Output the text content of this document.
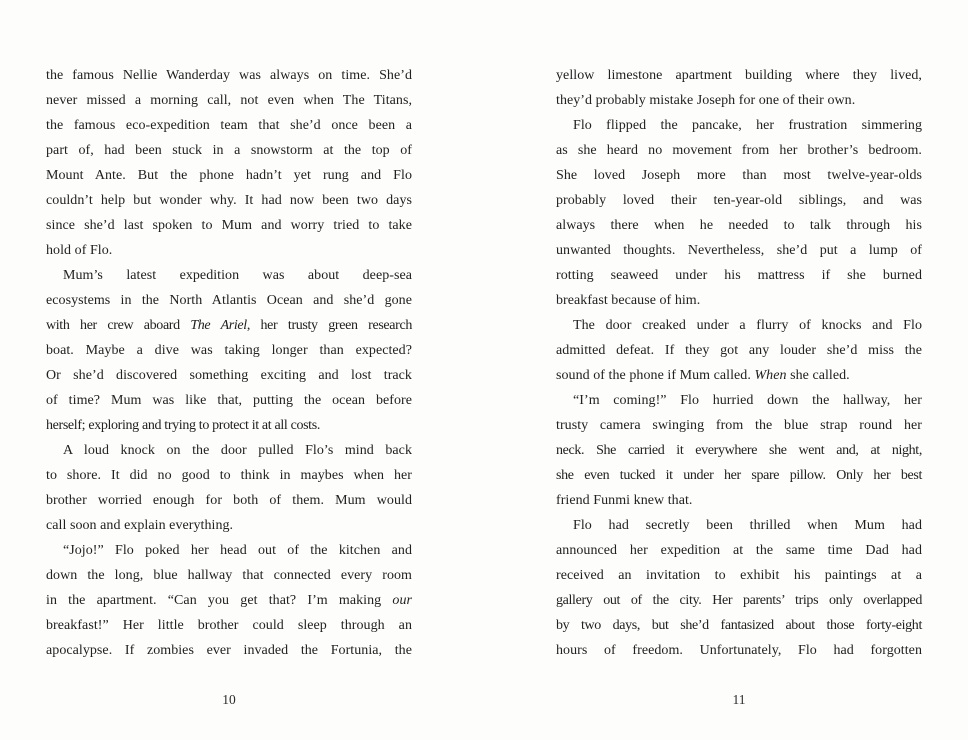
the famous Nellie Wanderday was always on time. She’d
never missed a morning call, not even when The Titans,
the famous eco-expedition team that she’d once been a
part of, had been stuck in a snowstorm at the top of
Mount Ante. But the phone hadn’t yet rung and Flo
couldn’t help but wonder why. It had now been two days
since she’d last spoken to Mum and worry tried to take
hold of Flo.
Mum’s latest expedition was about deep-sea
ecosystems in the North Atlantis Ocean and she’d gone
with her crew aboard The Ariel, her trusty green research
boat. Maybe a dive was taking longer than expected?
Or she’d discovered something exciting and lost track
of time? Mum was like that, putting the ocean before
herself; exploring and trying to protect it at all costs.
A loud knock on the door pulled Flo’s mind back
to shore. It did no good to think in maybes when her
brother worried enough for both of them. Mum would
call soon and explain everything.
“Jojo!” Flo poked her head out of the kitchen and
down the long, blue hallway that connected every room
in the apartment. “Can you get that? I’m making our
breakfast!” Her little brother could sleep through an
apocalypse. If zombies ever invaded the Fortunia, the
10
yellow limestone apartment building where they lived,
they’d probably mistake Joseph for one of their own.
Flo flipped the pancake, her frustration simmering
as she heard no movement from her brother’s bedroom.
She loved Joseph more than most twelve-year-olds
probably loved their ten-year-old siblings, and was
always there when he needed to talk through his
unwanted thoughts. Nevertheless, she’d put a lump of
rotting seaweed under his mattress if she burned
breakfast because of him.
The door creaked under a flurry of knocks and Flo
admitted defeat. If they got any louder she’d miss the
sound of the phone if Mum called. When she called.
“I’m coming!” Flo hurried down the hallway, her
trusty camera swinging from the blue strap round her
neck. She carried it everywhere she went and, at night,
she even tucked it under her spare pillow. Only her best
friend Funmi knew that.
Flo had secretly been thrilled when Mum had
announced her expedition at the same time Dad had
received an invitation to exhibit his paintings at a
gallery out of the city. Her parents’ trips only overlapped
by two days, but she’d fantasized about those forty-eight
hours of freedom. Unfortunately, Flo had forgotten
11
